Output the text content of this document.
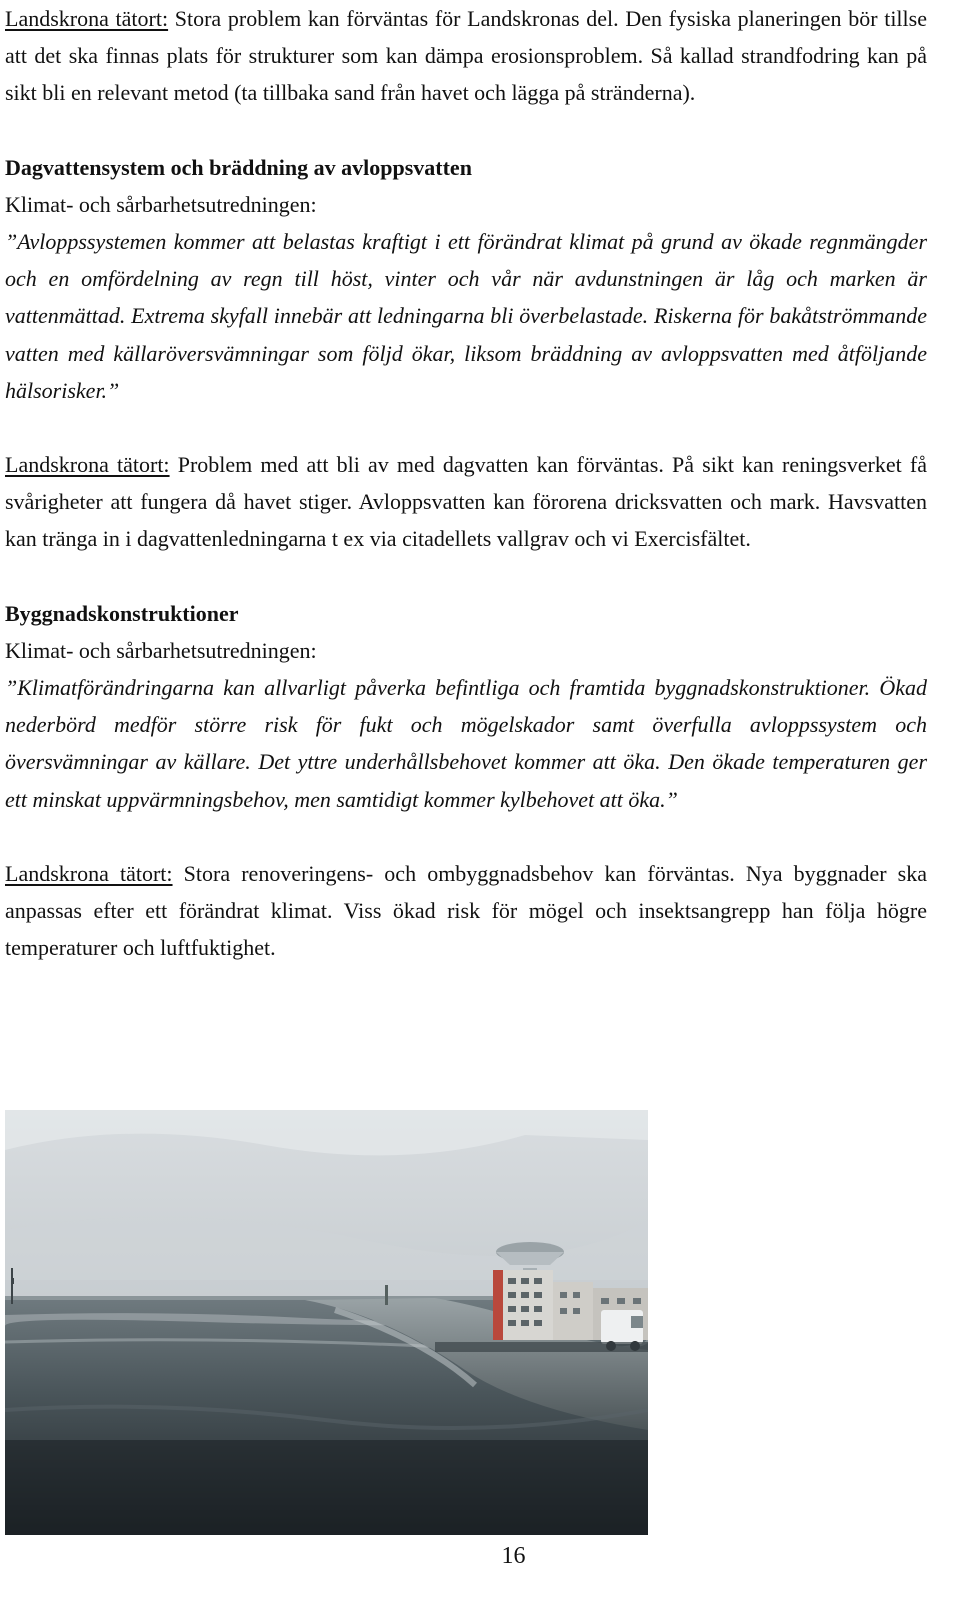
Landskrona tätort: Stora problem kan förväntas för Landskronas del. Den fysiska planeringen bör tillse att det ska finnas plats för strukturer som kan dämpa erosionsproblem. Så kallad strandfodring kan på sikt bli en relevant metod (ta tillbaka sand från havet och lägga på stränderna).

Dagvattensystem och bräddning av avloppsvatten

Klimat- och sårbarhetsutredningen:

”Avloppssystemen kommer att belastas kraftigt i ett förändrat klimat på grund av ökade regnmängder och en omfördelning av regn till höst, vinter och vår när avdunstningen är låg och marken är vattenmättad. Extrema skyfall innebär att ledningarna bli överbelastade. Riskerna för bakåtströmmande vatten med källaröversvämningar som följd ökar, liksom bräddning av avloppsvatten med åtföljande hälsorisker.”

Landskrona tätort: Problem med att bli av med dagvatten kan förväntas. På sikt kan reningsverket få svårigheter att fungera då havet stiger. Avloppsvatten kan förorena dricksvatten och mark. Havsvatten kan tränga in i dagvattenledningarna t ex via citadellets vallgrav och vi Exercisfältet.

Byggnadskonstruktioner

Klimat- och sårbarhetsutredningen:

”Klimatförändringarna kan allvarligt påverka befintliga och framtida byggnadskonstruktioner. Ökad nederbörd medför större risk för fukt och mögelskador samt överfulla avloppssystem och översvämningar av källare. Det yttre underhållsbehovet kommer att öka. Den ökade temperaturen ger ett minskat uppvärmningsbehov, men samtidigt kommer kylbehovet att öka.”

Landskrona tätort: Stora renoveringens- och ombyggnadsbehov kan förväntas. Nya byggnader ska anpassas efter ett förändrat klimat. Viss ökad risk för mögel och insektsangrepp han följa högre temperaturer och luftfuktighet.

16
